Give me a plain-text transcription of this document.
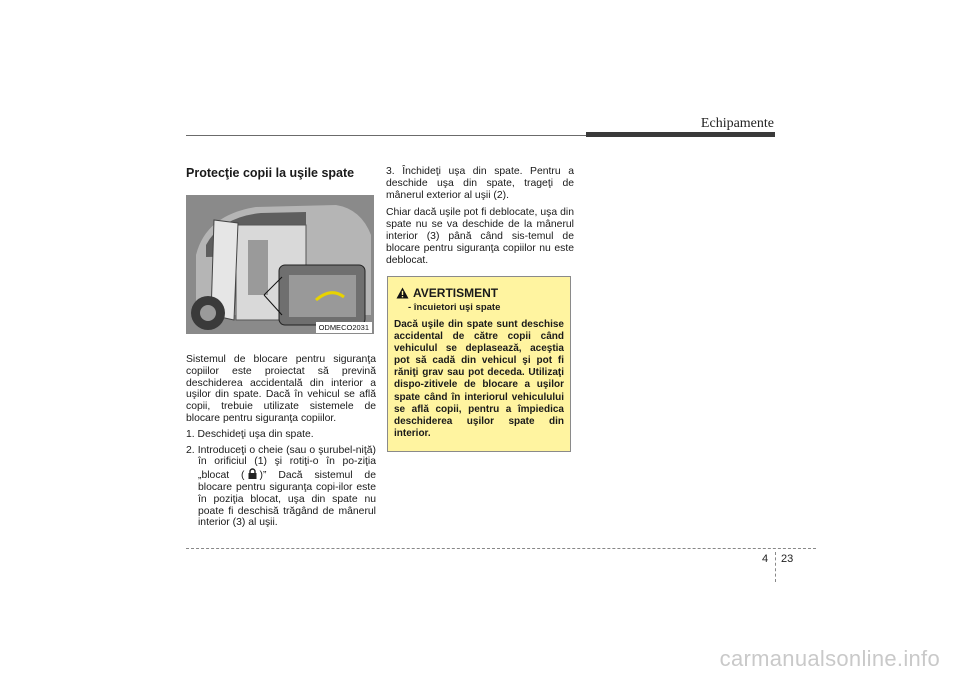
Echipamente
Protecţie copii la uşile spate
ODMECO2031

Sistemul de blocare pentru siguranţa copiilor este proiectat să prevină deschiderea accidentală din interior a uşilor din spate. Dacă în vehicul se află copii, trebuie utilizate sistemele de blocare pentru siguranţa copiilor.

1. Deschideţi uşa din spate.

2. Introduceţi o cheie (sau o şurubel-niţă) în orificiul (1) şi rotiţi-o în po-ziţia „blocat ( )” Dacă sistemul de blocare pentru siguranţa copi-ilor este în poziţia blocat, uşa din spate nu poate fi deschisă trăgând de mânerul interior (3) al uşii.

3. Închideţi uşa din spate. Pentru a deschide uşa din spate, trageţi de mânerul exterior al uşii (2).

Chiar dacă uşile pot fi deblocate, uşa din spate nu se va deschide de la mânerul interior (3) până când sis-temul de blocare pentru siguranţa copiilor nu este deblocat.

AVERTISMENT
- încuietori uşi spate

Dacă uşile din spate sunt deschise accidental de către copii când vehiculul se deplasează, aceştia pot să cadă din vehicul şi pot fi răniţi grav sau pot deceda. Utilizaţi dispo-zitivele de blocare a uşilor spate când în interiorul vehiculului se află copii, pentru a împiedica deschiderea uşilor spate din interior.

4 23
carmanualsonline.info
